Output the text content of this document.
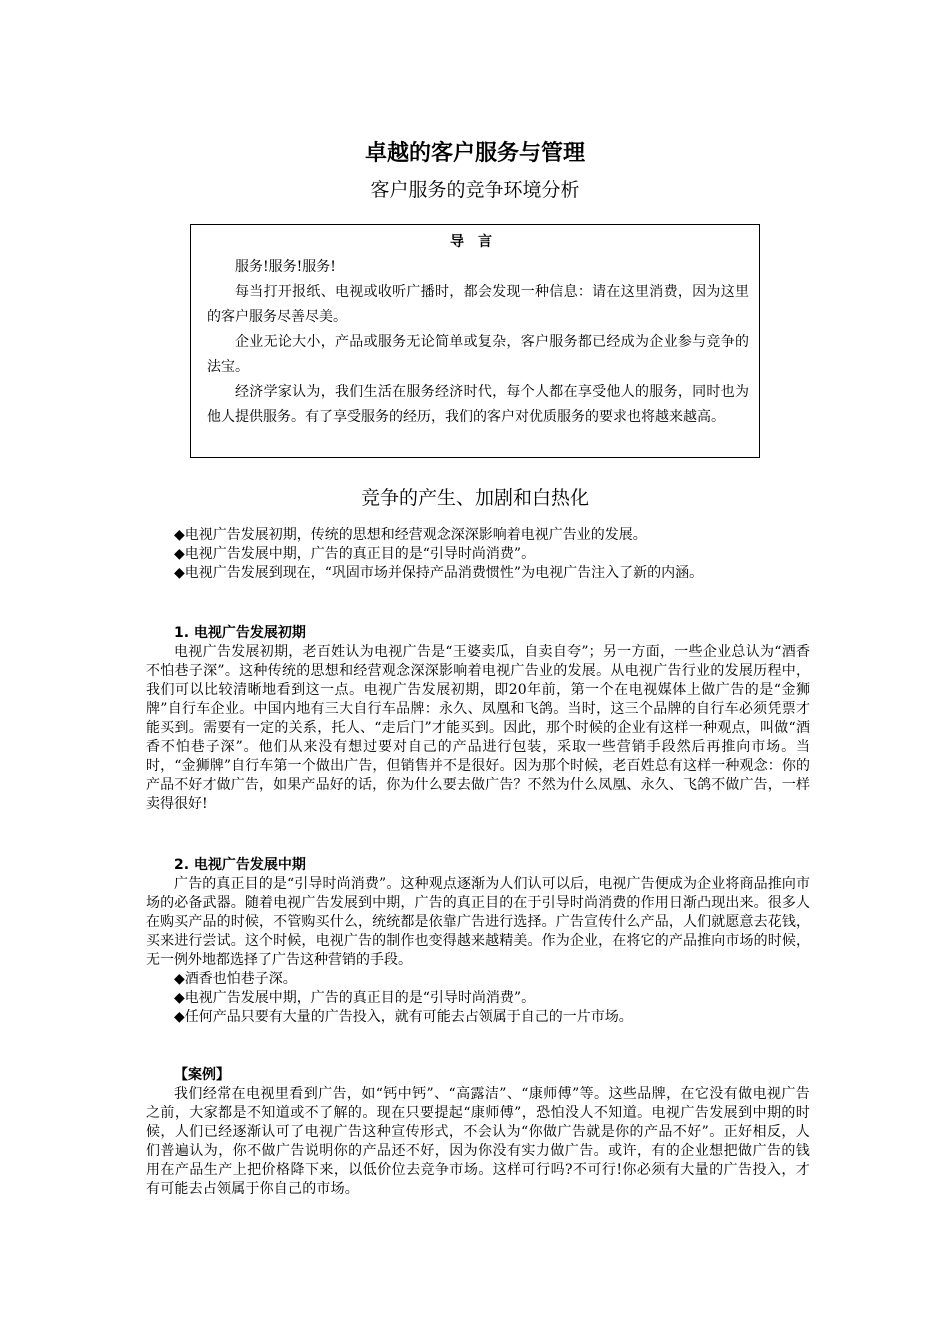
卓越的客户服务与管理
客户服务的竞争环境分析
导言

服务!服务!服务!

每当打开报纸、电视或收听广播时，都会发现一种信息：请在这里消费，因为这里的客户服务尽善尽美。

企业无论大小，产品或服务无论简单或复杂，客户服务都已经成为企业参与竞争的法宝。

经济学家认为，我们生活在服务经济时代，每个人都在享受他人的服务，同时也为他人提供服务。有了享受服务的经历，我们的客户对优质服务的要求也将越来越高。

竞争的产生、加剧和白热化

◆电视广告发展初期，传统的思想和经营观念深深影响着电视广告业的发展。

◆电视广告发展中期，广告的真正目的是“引导时尚消费”。

◆电视广告发展到现在，“巩固市场并保持产品消费惯性”为电视广告注入了新的内涵。

1. 电视广告发展初期

电视广告发展初期，老百姓认为电视广告是“王婆卖瓜，自卖自夸”；另一方面，一些企业总认为“酒香不怕巷子深”。这种传统的思想和经营观念深深影响着电视广告业的发展。从电视广告行业的发展历程中，我们可以比较清晰地看到这一点。电视广告发展初期，即20年前，第一个在电视媒体上做广告的是“金狮牌”自行车企业。中国内地有三大自行车品牌：永久、凤凰和飞鸽。当时，这三个品牌的自行车必须凭票才能买到。需要有一定的关系，托人、“走后门”才能买到。因此，那个时候的企业有这样一种观点，叫做“酒香不怕巷子深”。他们从来没有想过要对自己的产品进行包装，采取一些营销手段然后再推向市场。当时，“金狮牌”自行车第一个做出广告，但销售并不是很好。因为那个时候，老百姓总有这样一种观念：你的产品不好才做广告，如果产品好的话，你为什么要去做广告？不然为什么凤凰、永久、飞鸽不做广告，一样卖得很好!

2. 电视广告发展中期

广告的真正目的是“引导时尚消费”。这种观点逐渐为人们认可以后，电视广告便成为企业将商品推向市场的必备武器。随着电视广告发展到中期，广告的真正目的在于引导时尚消费的作用日渐凸现出来。很多人在购买产品的时候，不管购买什么，统统都是依靠广告进行选择。广告宣传什么产品，人们就愿意去花钱，买来进行尝试。这个时候，电视广告的制作也变得越来越精美。作为企业，在将它的产品推向市场的时候，无一例外地都选择了广告这种营销的手段。

◆酒香也怕巷子深。

◆电视广告发展中期，广告的真正目的是“引导时尚消费”。

◆任何产品只要有大量的广告投入，就有可能去占领属于自己的一片市场。

【案例】

我们经常在电视里看到广告，如“钙中钙”、“高露洁”、“康师傅”等。这些品牌，在它没有做电视广告之前，大家都是不知道或不了解的。现在只要提起“康师傅”，恐怕没人不知道。电视广告发展到中期的时候，人们已经逐渐认可了电视广告这种宣传形式，不会认为“你做广告就是你的产品不好”。正好相反，人们普遍认为，你不做广告说明你的产品还不好，因为你没有实力做广告。或许，有的企业想把做广告的钱用在产品生产上把价格降下来，以低价位去竞争市场。这样可行吗?不可行!你必须有大量的广告投入，才有可能去占领属于你自己的市场。
